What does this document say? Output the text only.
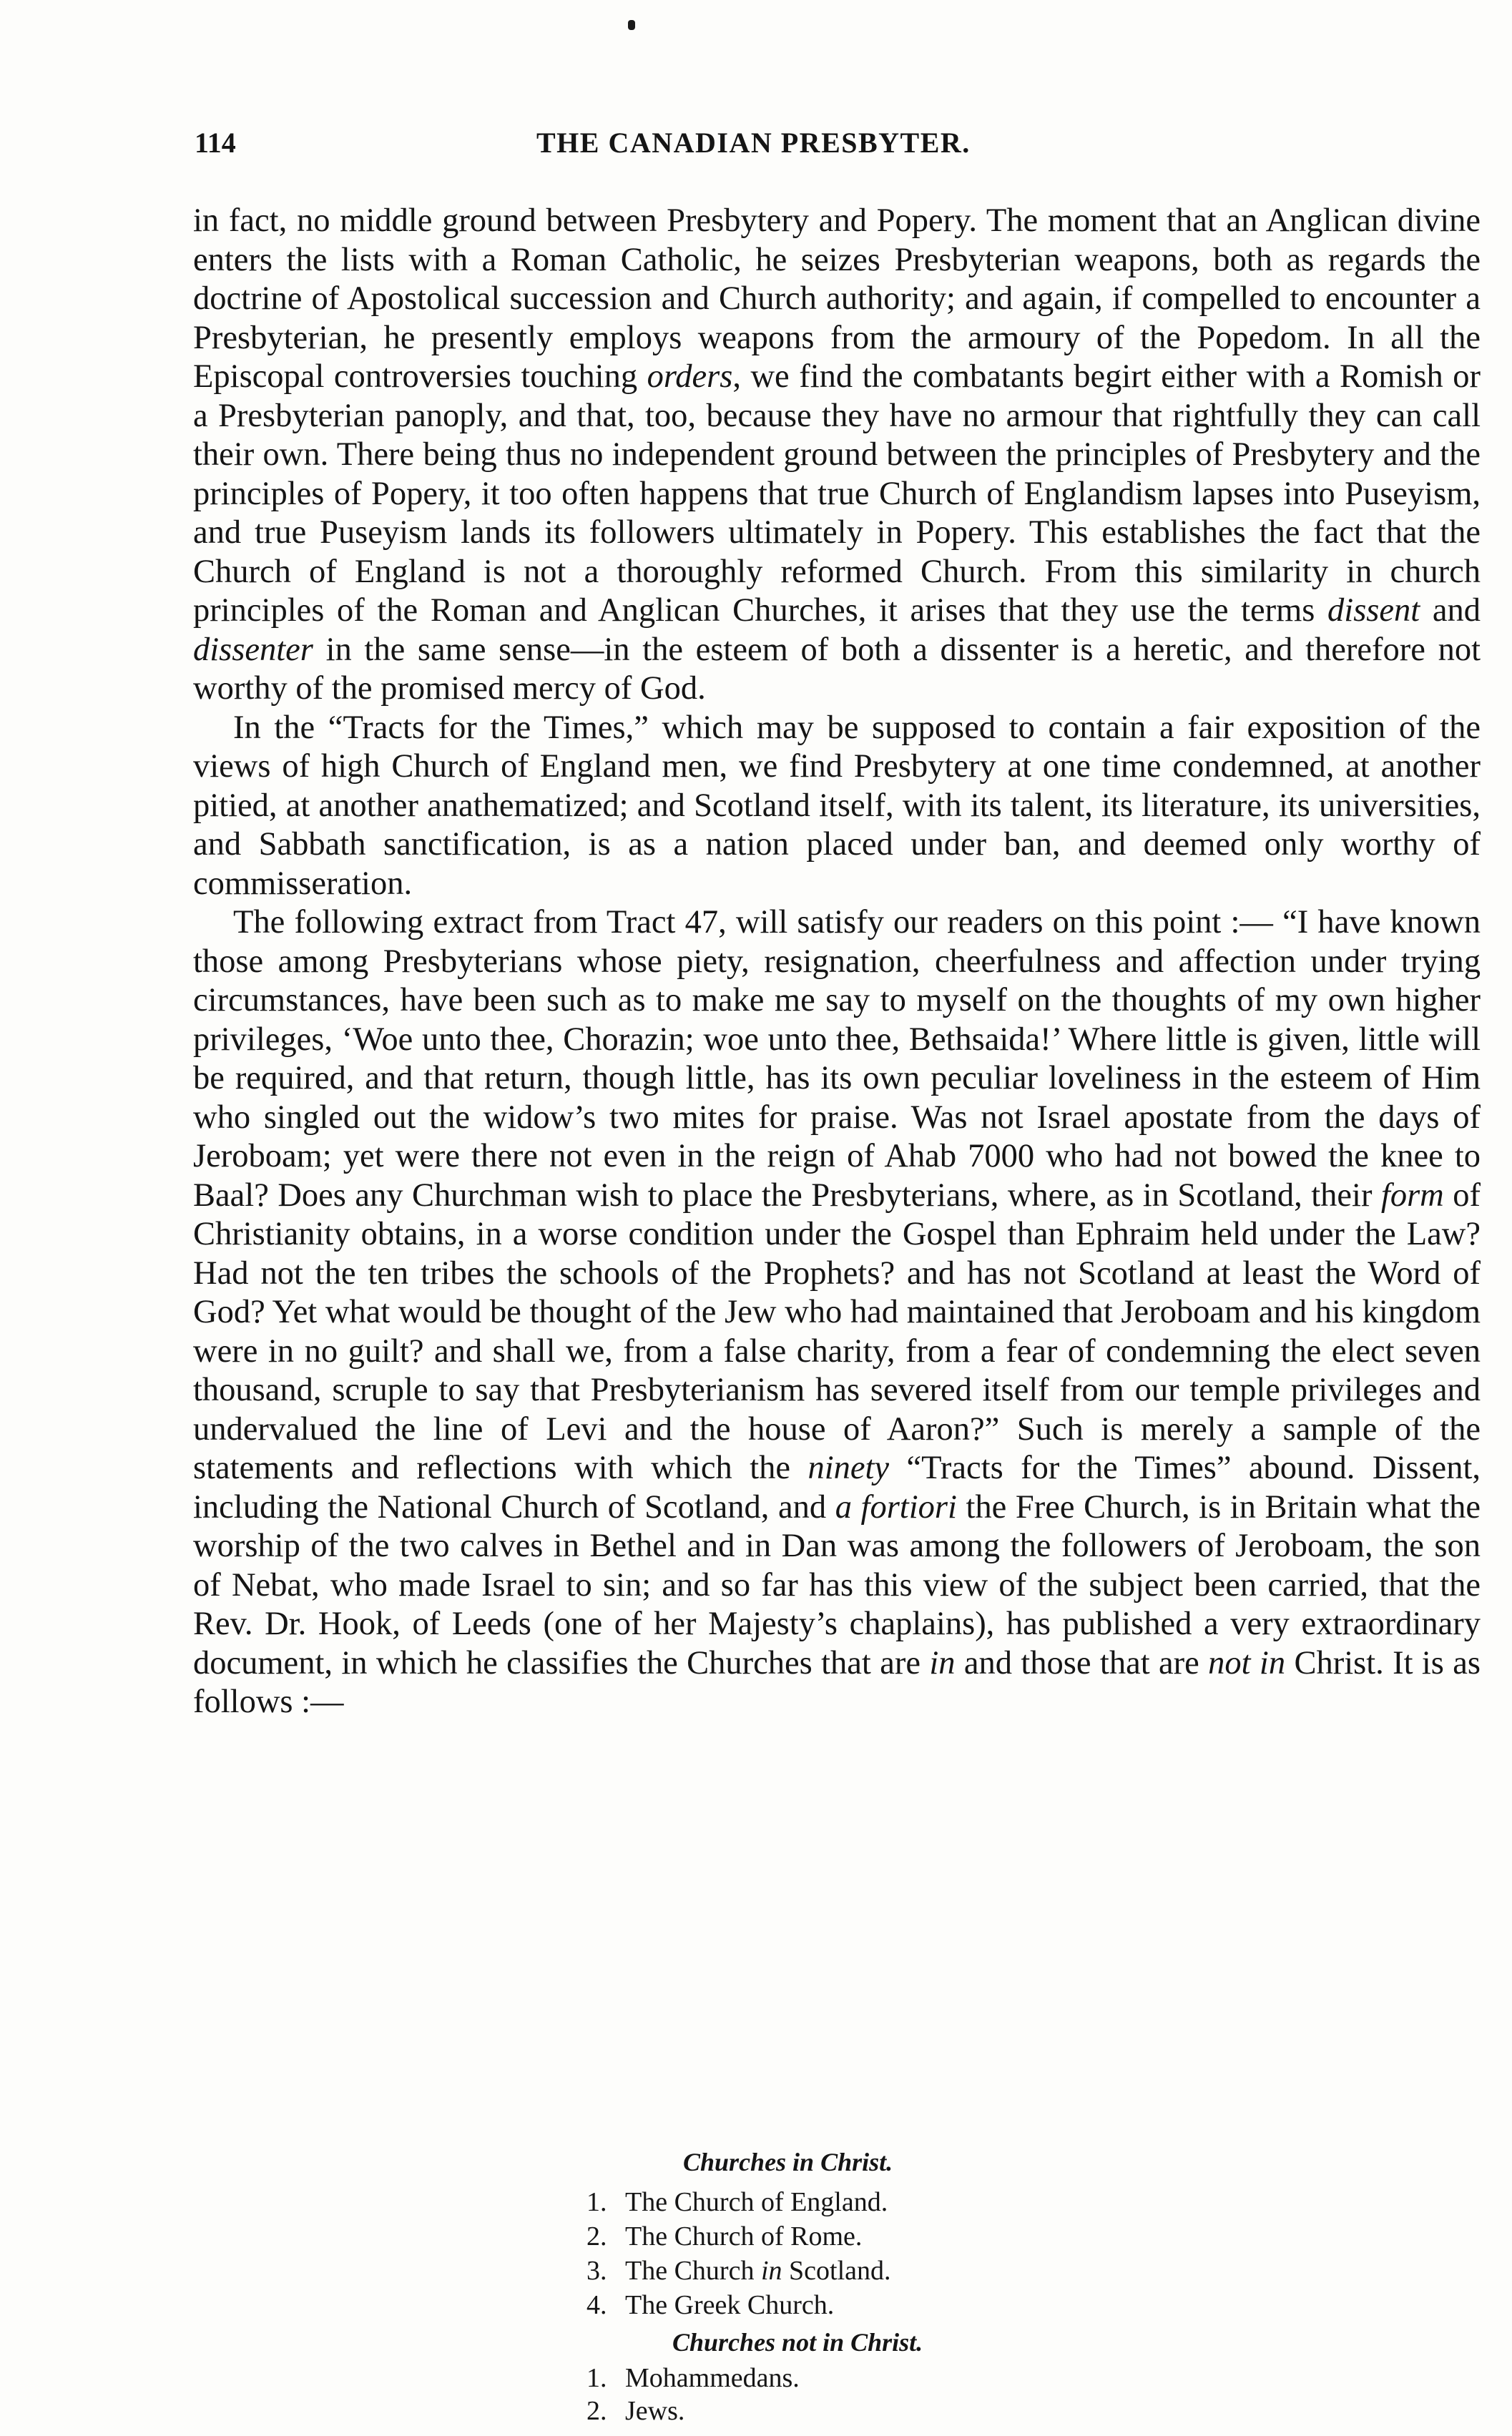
114	THE CANADIAN PRESBYTER.

in fact, no middle ground between Presbytery and Popery. The moment that an Anglican divine enters the lists with a Roman Catholic, he seizes Presbyterian weapons, both as regards the doctrine of Apostolical succession and Church authority; and again, if compelled to encounter a Presbyterian, he presently employs weapons from the armoury of the Popedom. In all the Episcopal controversies touching orders, we find the combatants begirt either with a Romish or a Presbyterian panoply, and that, too, because they have no armour that rightfully they can call their own. There being thus no independent ground between the principles of Presbytery and the principles of Popery, it too often happens that true Church of Englandism lapses into Puseyism, and true Puseyism lands its followers ultimately in Popery. This establishes the fact that the Church of England is not a thoroughly reformed Church. From this similarity in church principles of the Roman and Anglican Churches, it arises that they use the terms dissent and dissenter in the same sense—in the esteem of both a dissenter is a heretic, and therefore not worthy of the promised mercy of God.

In the “Tracts for the Times,” which may be supposed to contain a fair exposition of the views of high Church of England men, we find Presbytery at one time condemned, at another pitied, at another anathematized; and Scotland itself, with its talent, its literature, its universities, and Sabbath sanctification, is as a nation placed under ban, and deemed only worthy of commisseration.

The following extract from Tract 47, will satisfy our readers on this point :— “I have known those among Presbyterians whose piety, resignation, cheerfulness and affection under trying circumstances, have been such as to make me say to myself on the thoughts of my own higher privileges, ‘Woe unto thee, Chorazin; woe unto thee, Bethsaida!’ Where little is given, little will be required, and that return, though little, has its own peculiar loveliness in the esteem of Him who singled out the widow’s two mites for praise. Was not Israel apostate from the days of Jeroboam; yet were there not even in the reign of Ahab 7000 who had not bowed the knee to Baal? Does any Churchman wish to place the Presbyterians, where, as in Scotland, their form of Christianity obtains, in a worse condition under the Gospel than Ephraim held under the Law? Had not the ten tribes the schools of the Prophets? and has not Scotland at least the Word of God? Yet what would be thought of the Jew who had maintained that Jeroboam and his kingdom were in no guilt? and shall we, from a false charity, from a fear of condemning the elect seven thousand, scruple to say that Presbyterianism has severed itself from our temple privileges and undervalued the line of Levi and the house of Aaron?” Such is merely a sample of the statements and reflections with which the ninety “Tracts for the Times” abound. Dissent, including the National Church of Scotland, and a fortiori the Free Church, is in Britain what the worship of the two calves in Bethel and in Dan was among the followers of Jeroboam, the son of Nebat, who made Israel to sin; and so far has this view of the subject been carried, that the Rev. Dr. Hook, of Leeds (one of her Majesty’s chaplains), has published a very extraordinary document, in which he classifies the Churches that are in and those that are not in Christ. It is as follows :—

Churches in Christ.
1. The Church of England.
2. The Church of Rome.
3. The Church in Scotland.
4. The Greek Church.
Churches not in Christ.
1. Mohammedans.
2. Jews.
